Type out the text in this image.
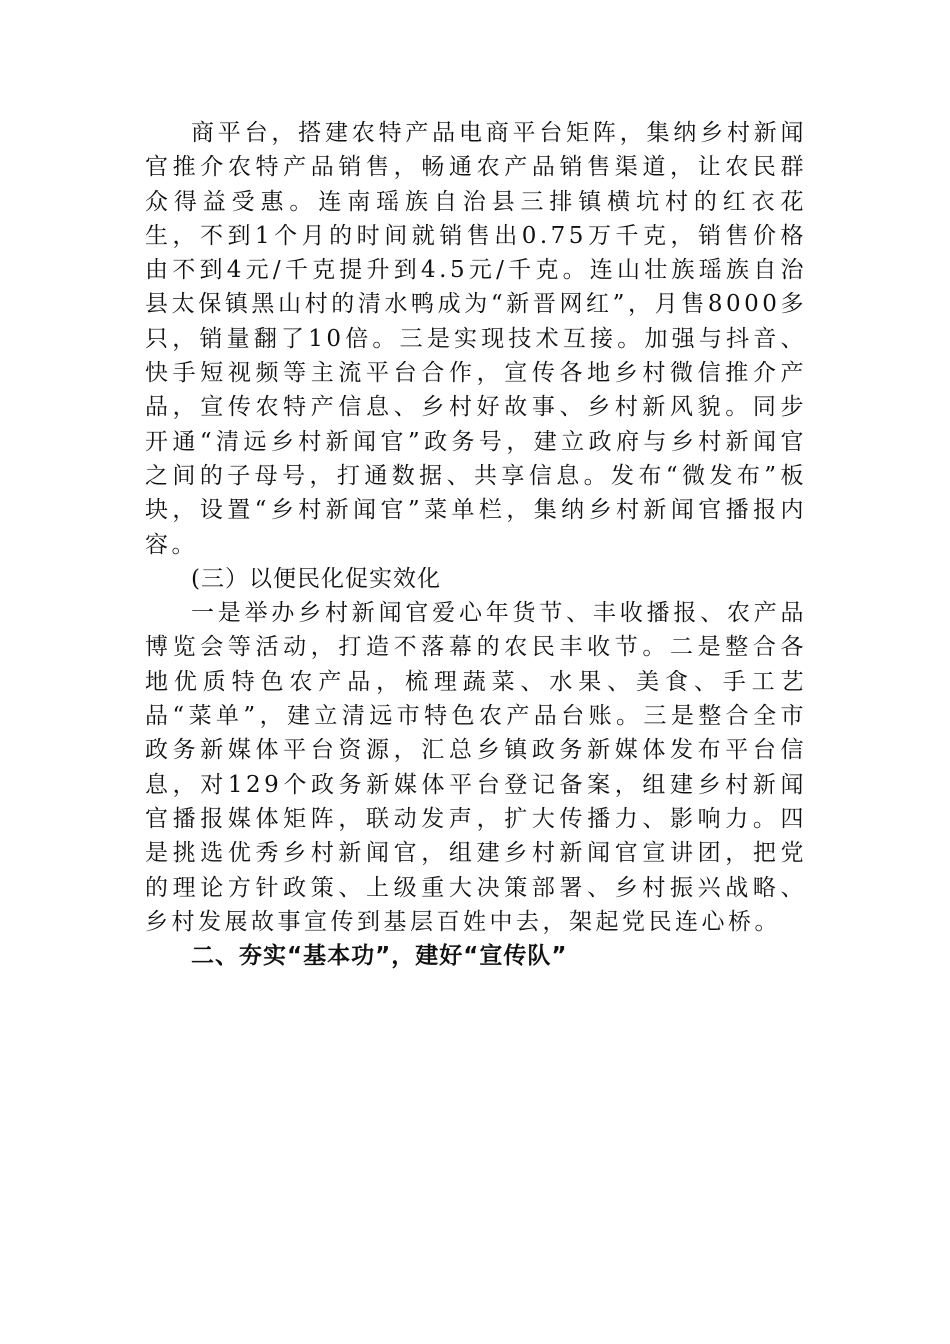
商平台，搭建农特产品电商平台矩阵，集纳乡村新闻官推介农特产品销售，畅通农产品销售渠道，让农民群众得益受惠。连南瑶族自治县三排镇横坑村的红衣花生，不到1个月的时间就销售出0.75万千克，销售价格由不到4元/千克提升到4.5元/千克。连山壮族瑶族自治县太保镇黑山村的清水鸭成为“新晋网红”，月售8000多只，销量翻了10倍。三是实现技术互接。加强与抖音、快手短视频等主流平台合作，宣传各地乡村微信推介产品，宣传农特产信息、乡村好故事、乡村新风貌。同步开通“清远乡村新闻官”政务号，建立政府与乡村新闻官之间的子母号，打通数据、共享信息。发布“微发布”板块，设置“乡村新闻官”菜单栏，集纳乡村新闻官播报内容。

(三）以便民化促实效化

一是举办乡村新闻官爱心年货节、丰收播报、农产品博览会等活动，打造不落幕的农民丰收节。二是整合各地优质特色农产品，梳理蔬菜、水果、美食、手工艺品“菜单”，建立清远市特色农产品台账。三是整合全市政务新媒体平台资源，汇总乡镇政务新媒体发布平台信息，对129个政务新媒体平台登记备案，组建乡村新闻官播报媒体矩阵，联动发声，扩大传播力、影响力。四是挑选优秀乡村新闻官，组建乡村新闻官宣讲团，把党的理论方针政策、上级重大决策部署、乡村振兴战略、乡村发展故事宣传到基层百姓中去，架起党民连心桥。

二、夯实“基本功”，建好“宣传队”
